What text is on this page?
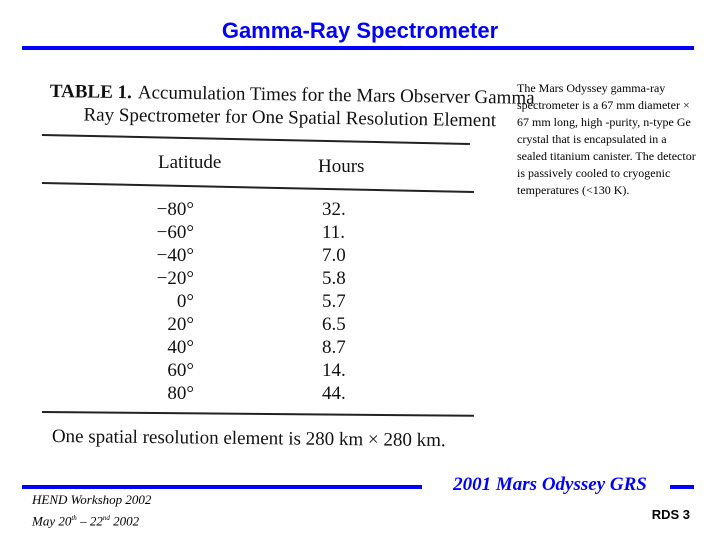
Gamma-Ray Spectrometer
TABLE 1. Accumulation Times for the Mars Observer Gamma
Ray Spectrometer for One Spatial Resolution Element
Latitude	Hours
−80°	32.
−60°	11.
−40°	7.0
−20°	5.8
0°	5.7
20°	6.5
40°	8.7
60°	14.
80°	44.
One spatial resolution element is 280 km × 280 km.
The Mars Odyssey gamma-ray spectrometer is a 67 mm diameter × 67 mm long, high -purity, n-type Ge crystal that is encapsulated in a sealed titanium canister. The detector is passively cooled to cryogenic temperatures (<130 K).
2001 Mars Odyssey GRS
HEND Workshop 2002
May 20th – 22nd 2002	RDS 3
